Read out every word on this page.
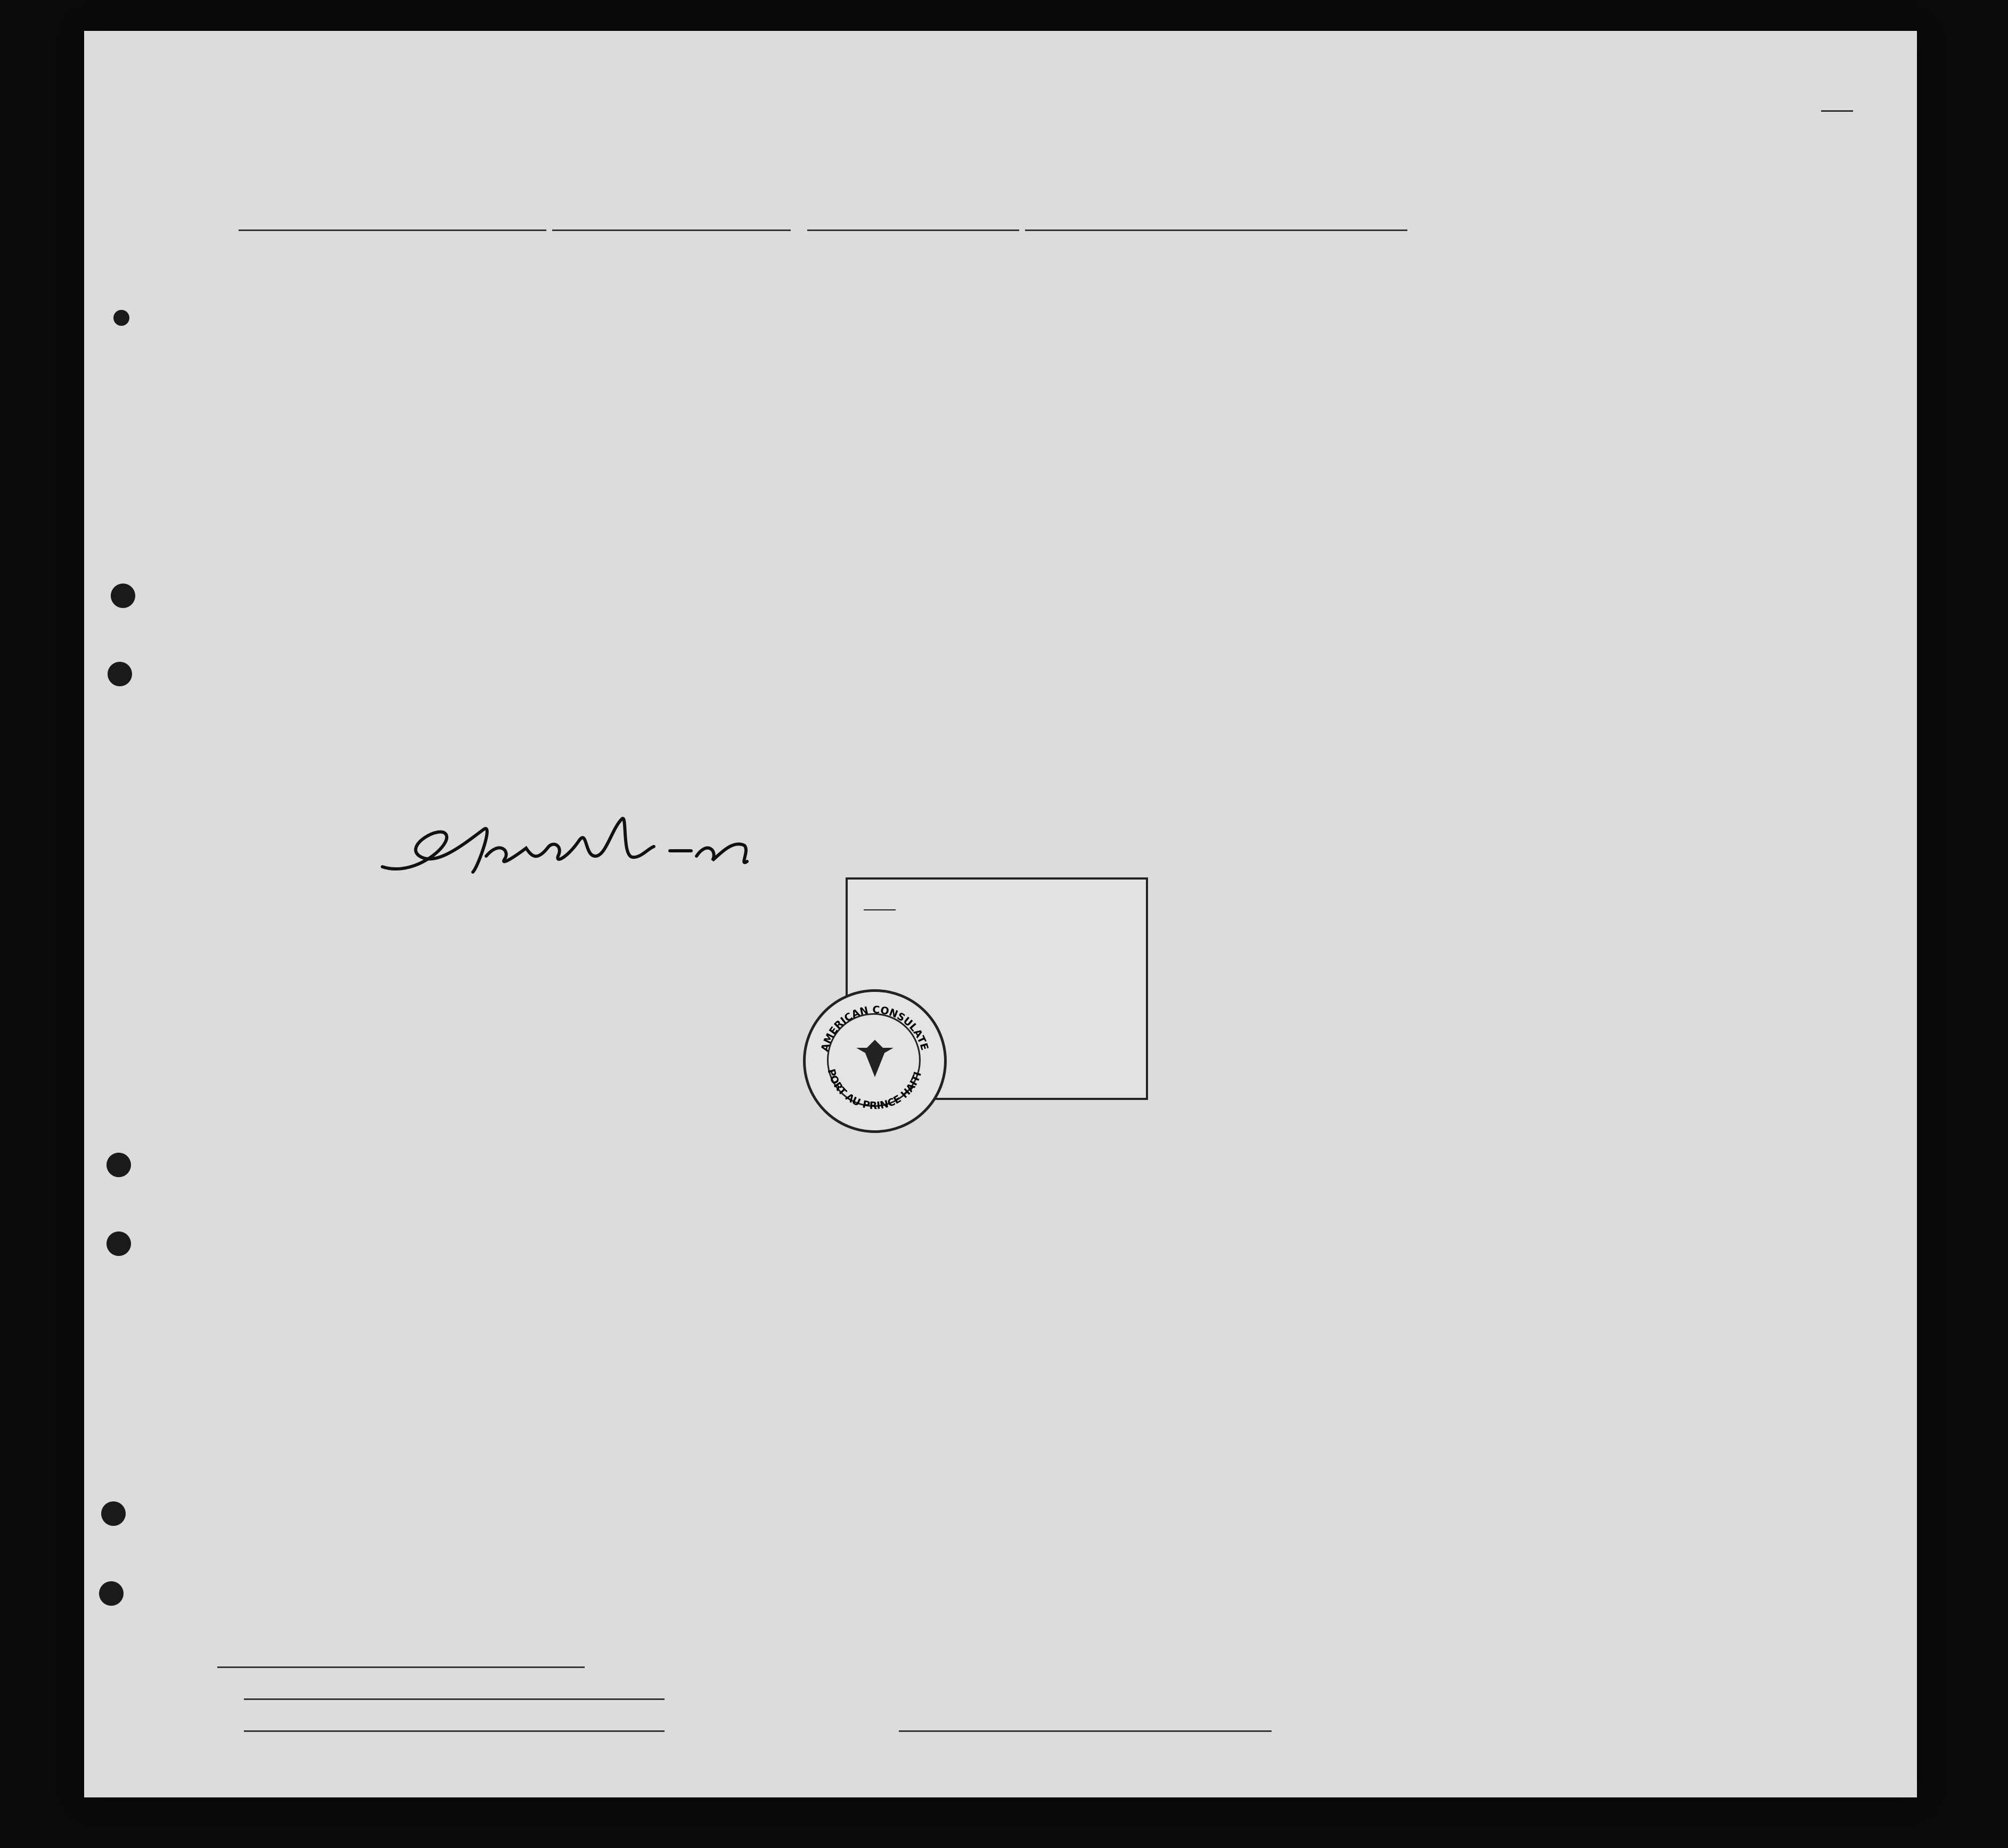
AMERICAN CONSULATE
PORT AU PRINCE HAITI
